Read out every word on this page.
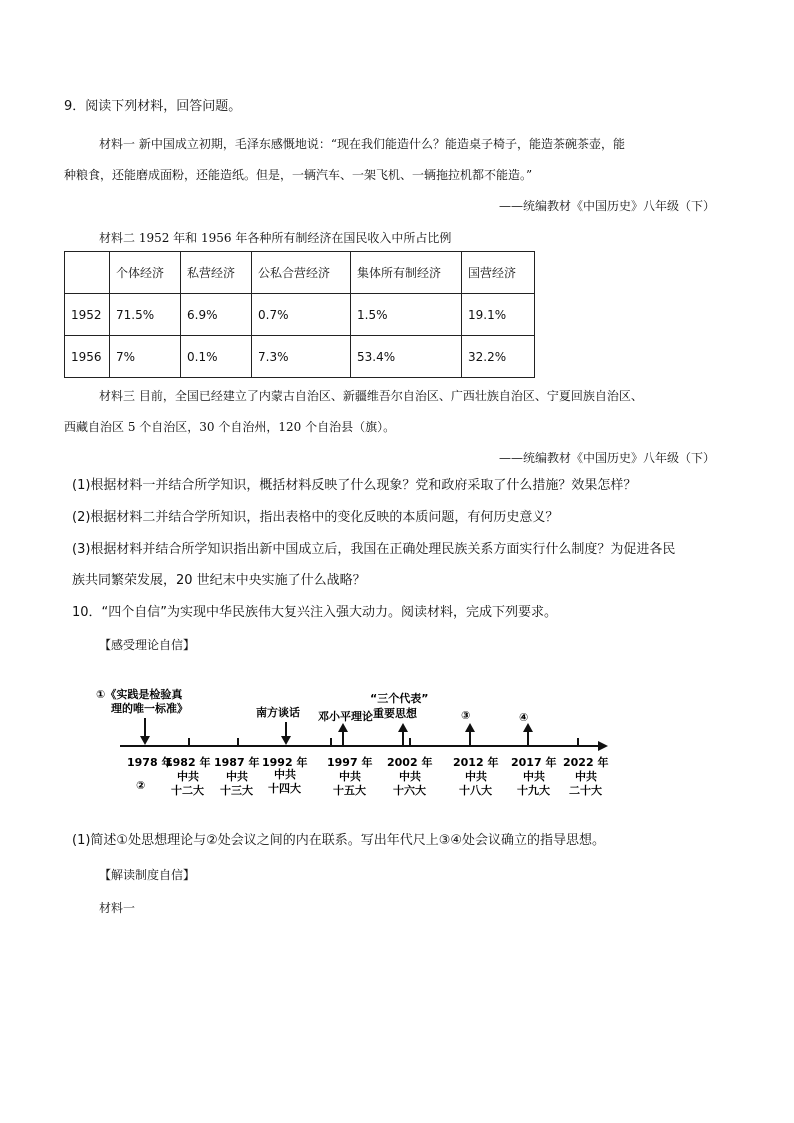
9．阅读下列材料，回答问题。
材料一 新中国成立初期，毛泽东感慨地说：“现在我们能造什么？能造桌子椅子，能造茶碗茶壶，能
种粮食，还能磨成面粉，还能造纸。但是，一辆汽车、一架飞机、一辆拖拉机都不能造。”
——统编教材《中国历史》八年级（下）
材料二 1952 年和 1956 年各种所有制经济在国民收入中所占比例
	个体经济	私营经济	公私合营经济	集体所有制经济	国营经济
1952	71.5%	6.9%	0.7%	1.5%	19.1%
1956	7%	0.1%	7.3%	53.4%	32.2%
材料三 目前，全国已经建立了内蒙古自治区、新疆维吾尔自治区、广西壮族自治区、宁夏回族自治区、
西藏自治区 5 个自治区，30 个自治州，120 个自治县（旗）。
——统编教材《中国历史》八年级（下）
(1)根据材料一并结合所学知识，概括材料反映了什么现象？党和政府采取了什么措施？效果怎样？
(2)根据材料二并结合学所知识，指出表格中的变化反映的本质问题，有何历史意义？
(3)根据材料并结合所学知识指出新中国成立后，我国在正确处理民族关系方面实行什么制度？为促进各民
族共同繁荣发展，20 世纪末中央实施了什么战略？
10．“四个自信”为实现中华民族伟大复兴注入强大动力。阅读材料，完成下列要求。
【感受理论自信】
①《实践是检验真
理的唯一标准》	南方谈话 邓小平理论
“三个代表”
重要思想	③	④
1978 年
②
1982 年
中共
十二大
1987 年
中共
十三大
1992 年
中共
十四大
1997 年
中共
十五大
2002 年
中共
十六大
2012 年
中共
十八大
2017 年
中共
十九大
2022 年
中共
二十大
(1)简述①处思想理论与②处会议之间的内在联系。写出年代尺上③④处会议确立的指导思想。
【解读制度自信】
材料一
